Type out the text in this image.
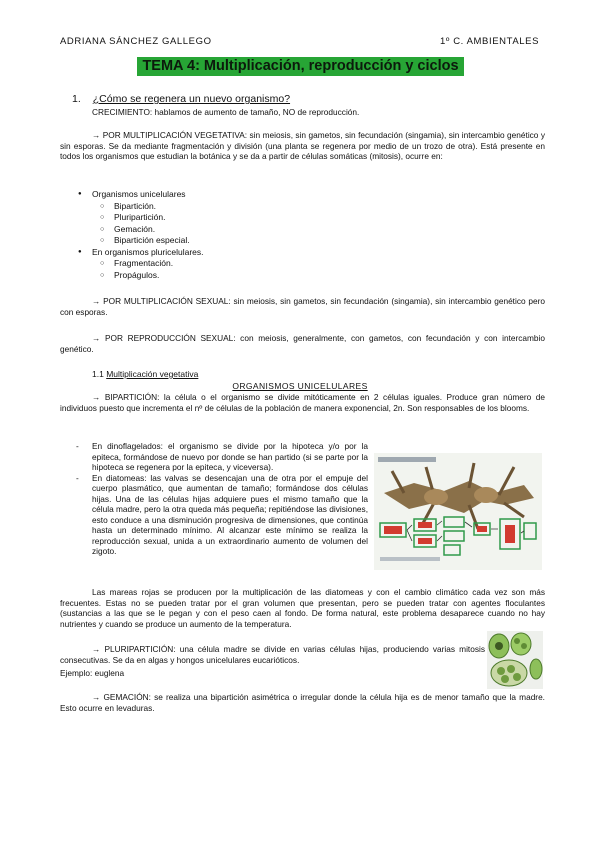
ADRIANA SÁNCHEZ GALLEGO	1º C. AMBIENTALES
TEMA 4: Multiplicación, reproducción y ciclos
1. ¿Cómo se regenera un nuevo organismo?
CRECIMIENTO: hablamos de aumento de tamaño, NO de reproducción.
→ POR MULTIPLICACIÓN VEGETATIVA: sin meiosis, sin gametos, sin fecundación (singamia), sin intercambio genético y sin esporas. Se da mediante fragmentación y división (una planta se regenera por medio de un trozo de otra). Está presente en todos los organismos que estudian la botánica y se da a partir de células somáticas (mitosis), ocurre en:
● Organismos unicelulares
○ Bipartición.
○ Pluripartición.
○ Gemación.
○ Bipartición especial.
● En organismos pluricelulares.
○ Fragmentación.
○ Propágulos.
→ POR MULTIPLICACIÓN SEXUAL: sin meiosis, sin gametos, sin fecundación (singamia), sin intercambio genético pero con esporas.
→ POR REPRODUCCIÓN SEXUAL: con meiosis, generalmente, con gametos, con fecundación y con intercambio genético.
1.1 Multiplicación vegetativa
ORGANISMOS UNICELULARES
→ BIPARTICIÓN: la célula o el organismo se divide mitóticamente en 2 células iguales. Produce gran número de individuos puesto que incrementa el nº de células de la población de manera exponencial, 2n. Son responsables de los blooms.
- En dinoflagelados: el organismo se divide por la hipoteca y/o por la epiteca, formándose de nuevo por donde se han partido (si se parte por la hipoteca se regenera por la epiteca, y viceversa).
- En diatomeas: las valvas se desencajan una de otra por el empuje del cuerpo plasmático, que aumentan de tamaño; formándose dos células hijas. Una de las células hijas adquiere pues el mismo tamaño que la célula madre, pero la otra queda más pequeña; repitiéndose las divisiones, esto conduce a una disminución progresiva de dimensiones, que continúa hasta un determinado mínimo. Al alcanzar este mínimo se realiza la reproducción sexual, unida a un extraordinario aumento de volumen del zigoto.
Las mareas rojas se producen por la multiplicación de las diatomeas y con el cambio climático cada vez son más frecuentes. Estas no se pueden tratar por el gran volumen que presentan, pero se pueden tratar con agentes floculantes (sustancias a las que se le pegan y con el peso caen al fondo. De forma natural, este problema desaparece cuando no hay nutrientes y cuando se produce un aumento de la temperatura.
→ PLURIPARTICIÓN: una célula madre se divide en varias células hijas, produciendo varias mitosis consecutivas. Se da en algas y hongos unicelulares eucarióticos.
Ejemplo: euglena
→ GEMACIÓN: se realiza una bipartición asimétrica o irregular donde la célula hija es de menor tamaño que la madre. Esto ocurre en levaduras.
